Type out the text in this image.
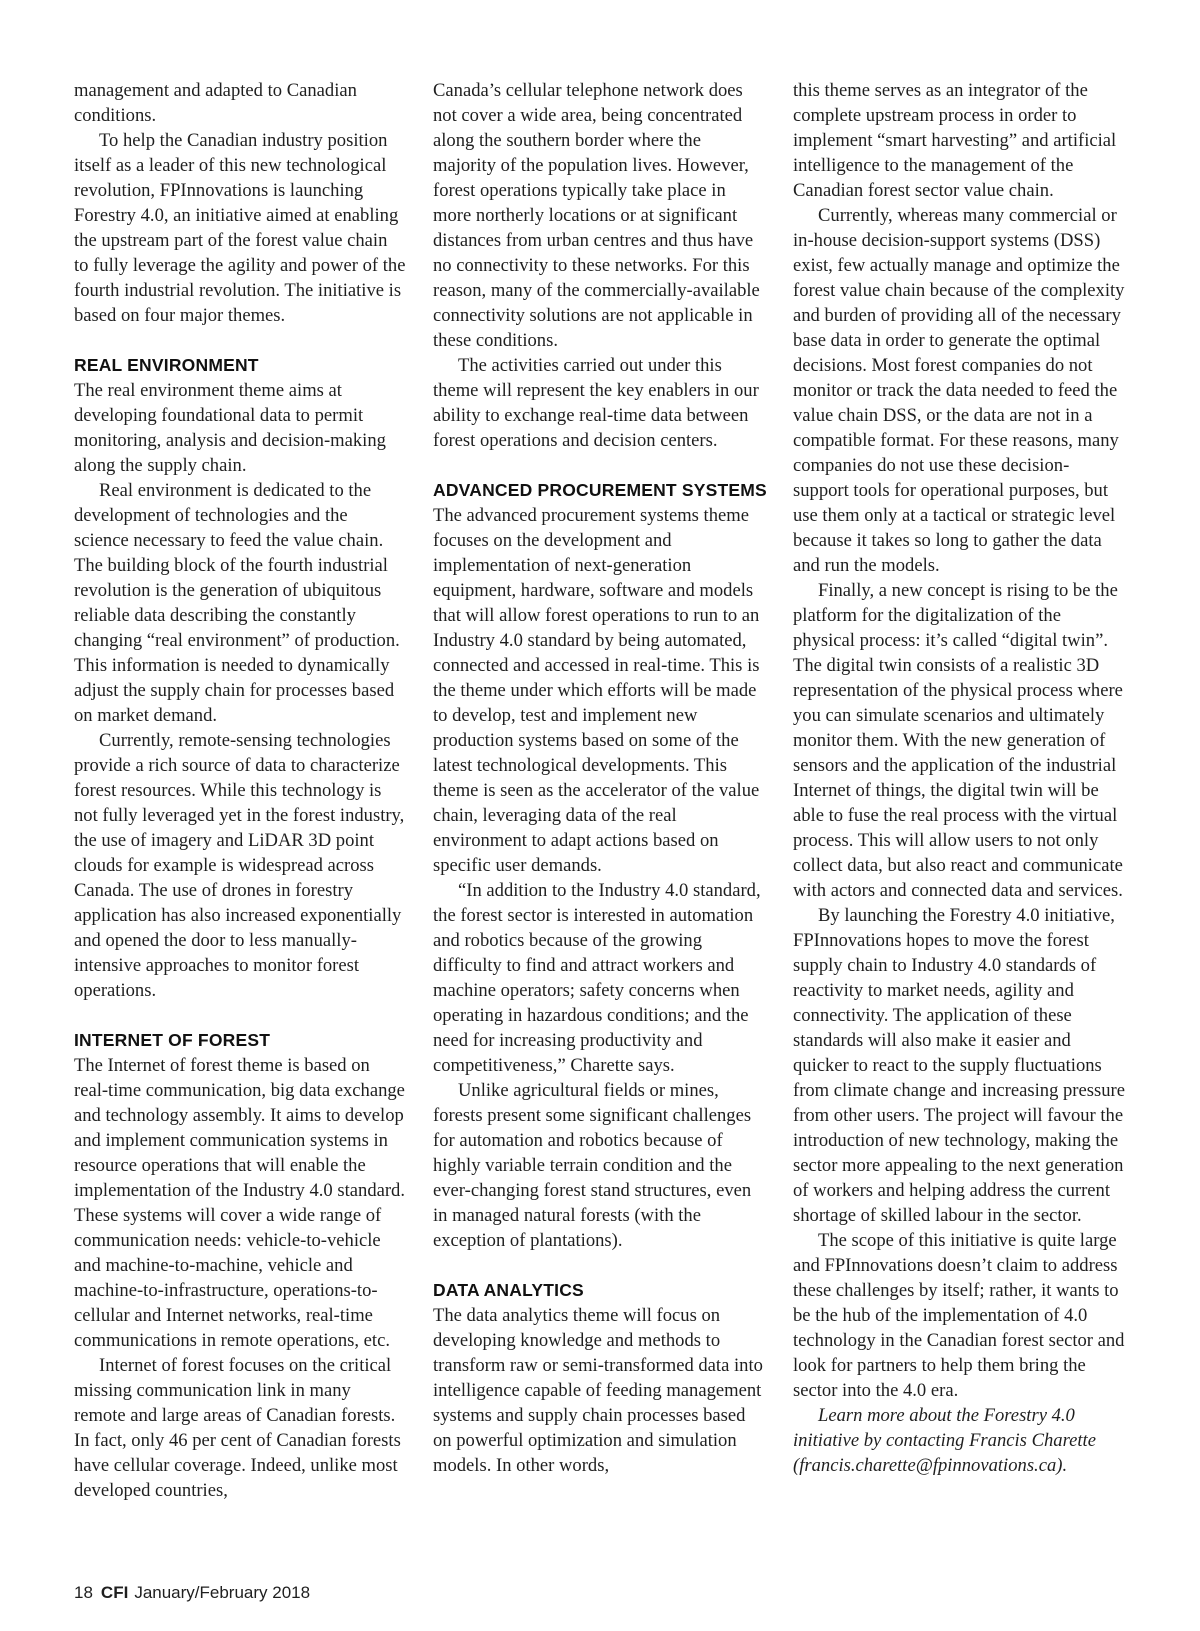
management and adapted to Canadian conditions.

To help the Canadian industry position itself as a leader of this new technological revolution, FPInnovations is launching Forestry 4.0, an initiative aimed at enabling the upstream part of the forest value chain to fully leverage the agility and power of the fourth industrial revolution. The initiative is based on four major themes.

REAL ENVIRONMENT

The real environment theme aims at developing foundational data to permit monitoring, analysis and decision-making along the supply chain.

Real environment is dedicated to the development of technologies and the science necessary to feed the value chain. The building block of the fourth industrial revolution is the generation of ubiquitous reliable data describing the constantly changing “real environment” of production. This information is needed to dynamically adjust the supply chain for processes based on market demand.

Currently, remote-sensing technologies provide a rich source of data to characterize forest resources. While this technology is not fully leveraged yet in the forest industry, the use of imagery and LiDAR 3D point clouds for example is widespread across Canada. The use of drones in forestry application has also increased exponentially and opened the door to less manually-intensive approaches to monitor forest operations.

INTERNET OF FOREST

The Internet of forest theme is based on real-time communication, big data exchange and technology assembly. It aims to develop and implement communication systems in resource operations that will enable the implementation of the Industry 4.0 standard. These systems will cover a wide range of communication needs: vehicle-to-vehicle and machine-to-machine, vehicle and machine-to-infrastructure, operations-to-cellular and Internet networks, real-time communications in remote operations, etc.

Internet of forest focuses on the critical missing communication link in many remote and large areas of Canadian forests. In fact, only 46 per cent of Canadian forests have cellular coverage. Indeed, unlike most developed countries,

Canada’s cellular telephone network does not cover a wide area, being concentrated along the southern border where the majority of the population lives. However, forest operations typically take place in more northerly locations or at significant distances from urban centres and thus have no connectivity to these networks. For this reason, many of the commercially-available connectivity solutions are not applicable in these conditions.

The activities carried out under this theme will represent the key enablers in our ability to exchange real-time data between forest operations and decision centers.

ADVANCED PROCUREMENT SYSTEMS

The advanced procurement systems theme focuses on the development and implementation of next-generation equipment, hardware, software and models that will allow forest operations to run to an Industry 4.0 standard by being automated, connected and accessed in real-time. This is the theme under which efforts will be made to develop, test and implement new production systems based on some of the latest technological developments. This theme is seen as the accelerator of the value chain, leveraging data of the real environment to adapt actions based on specific user demands.

“In addition to the Industry 4.0 standard, the forest sector is interested in automation and robotics because of the growing difficulty to find and attract workers and machine operators; safety concerns when operating in hazardous conditions; and the need for increasing productivity and competitiveness,” Charette says.

Unlike agricultural fields or mines, forests present some significant challenges for automation and robotics because of highly variable terrain condition and the ever-changing forest stand structures, even in managed natural forests (with the exception of plantations).

DATA ANALYTICS

The data analytics theme will focus on developing knowledge and methods to transform raw or semi-transformed data into intelligence capable of feeding management systems and supply chain processes based on powerful optimization and simulation models. In other words,

this theme serves as an integrator of the complete upstream process in order to implement “smart harvesting” and artificial intelligence to the management of the Canadian forest sector value chain.

Currently, whereas many commercial or in-house decision-support systems (DSS) exist, few actually manage and optimize the forest value chain because of the complexity and burden of providing all of the necessary base data in order to generate the optimal decisions. Most forest companies do not monitor or track the data needed to feed the value chain DSS, or the data are not in a compatible format. For these reasons, many companies do not use these decision-support tools for operational purposes, but use them only at a tactical or strategic level because it takes so long to gather the data and run the models.

Finally, a new concept is rising to be the platform for the digitalization of the physical process: it’s called “digital twin”. The digital twin consists of a realistic 3D representation of the physical process where you can simulate scenarios and ultimately monitor them. With the new generation of sensors and the application of the industrial Internet of things, the digital twin will be able to fuse the real process with the virtual process. This will allow users to not only collect data, but also react and communicate with actors and connected data and services.

By launching the Forestry 4.0 initiative, FPInnovations hopes to move the forest supply chain to Industry 4.0 standards of reactivity to market needs, agility and connectivity. The application of these standards will also make it easier and quicker to react to the supply fluctuations from climate change and increasing pressure from other users. The project will favour the introduction of new technology, making the sector more appealing to the next generation of workers and helping address the current shortage of skilled labour in the sector.

The scope of this initiative is quite large and FPInnovations doesn’t claim to address these challenges by itself; rather, it wants to be the hub of the implementation of 4.0 technology in the Canadian forest sector and look for partners to help them bring the sector into the 4.0 era.

Learn more about the Forestry 4.0 initiative by contacting Francis Charette (francis.charette@fpinnovations.ca).

18 CFI January/February 2018
